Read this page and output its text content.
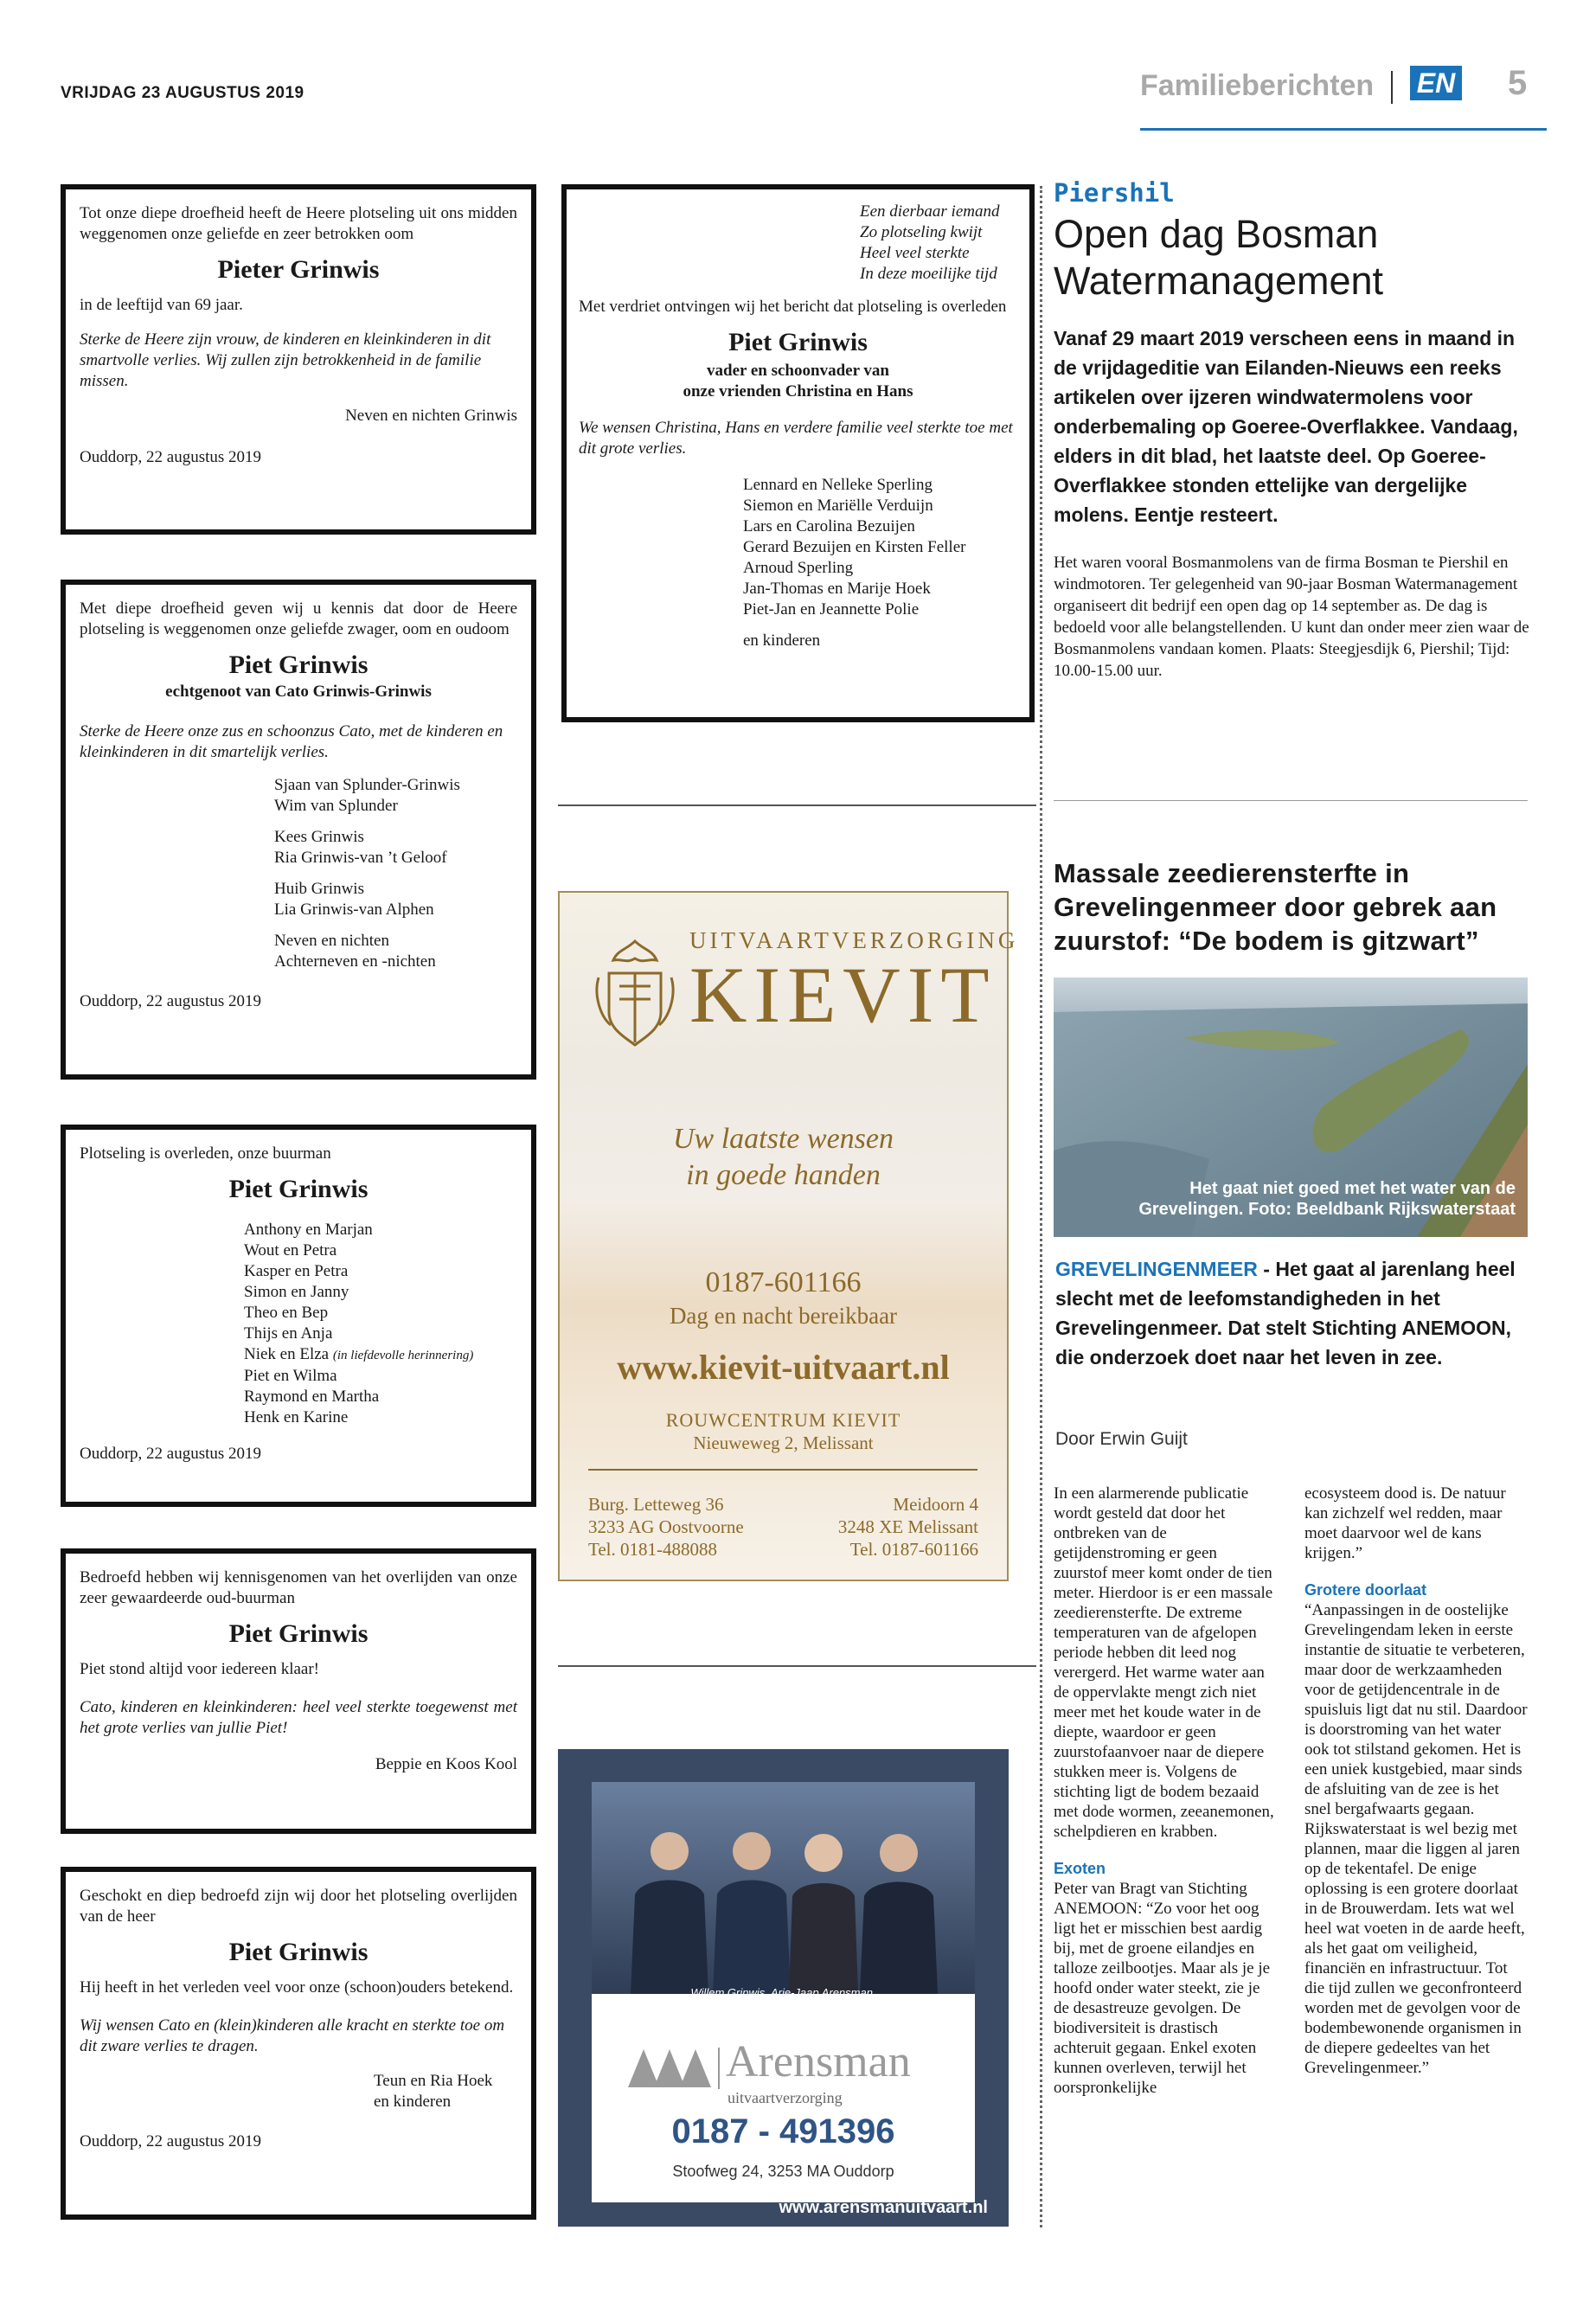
VRIJDAG 23 AUGUSTUS 2019	Familieberichten EN 5

Tot onze diepe droefheid heeft de Heere plotseling uit ons midden weggenomen onze geliefde en zeer betrokken oom

Pieter Grinwis

in de leeftijd van 69 jaar.

Sterke de Heere zijn vrouw, de kinderen en kleinkinderen in dit smartvolle verlies. Wij zullen zijn betrokkenheid in de familie missen.

Neven en nichten Grinwis

Ouddorp, 22 augustus 2019

Met diepe droefheid geven wij u kennis dat door de Heere plotseling is weggenomen onze geliefde zwager, oom en oudoom

Piet Grinwis
echtgenoot van Cato Grinwis-Grinwis

Sterke de Heere onze zus en schoonzus Cato, met de kinderen en kleinkinderen in dit smartelijk verlies.

Sjaan van Splunder-Grinwis
Wim van Splunder
Kees Grinwis
Ria Grinwis-van ’t Geloof
Huib Grinwis
Lia Grinwis-van Alphen
Neven en nichten
Achterneven en -nichten

Ouddorp, 22 augustus 2019

Plotseling is overleden, onze buurman

Piet Grinwis
Anthony en Marjan
Wout en Petra
Kasper en Petra
Simon en Janny
Theo en Bep
Thijs en Anja
Niek en Elza (in liefdevolle herinnering)
Piet en Wilma
Raymond en Martha
Henk en Karine

Ouddorp, 22 augustus 2019

Bedroefd hebben wij kennisgenomen van het overlijden van onze zeer gewaardeerde oud-buurman

Piet Grinwis

Piet stond altijd voor iedereen klaar!

Cato, kinderen en kleinkinderen: heel veel sterkte toegewenst met het grote verlies van jullie Piet!

Beppie en Koos Kool

Geschokt en diep bedroefd zijn wij door het plotseling overlijden van de heer

Piet Grinwis

Hij heeft in het verleden veel voor onze (schoon)ouders betekend.

Wij wensen Cato en (klein)kinderen alle kracht en sterkte toe om dit zware verlies te dragen.

Teun en Ria Hoek
en kinderen

Ouddorp, 22 augustus 2019

Een dierbaar iemand
Zo plotseling kwijt
Heel veel sterkte
In deze moeilijke tijd

Met verdriet ontvingen wij het bericht dat plotseling is overleden

Piet Grinwis
vader en schoonvader van
onze vrienden Christina en Hans

We wensen Christina, Hans en verdere familie veel sterkte toe met dit grote verlies.

Lennard en Nelleke Sperling
Siemon en Mariëlle Verduijn
Lars en Carolina Bezuijen
Gerard Bezuijen en Kirsten Feller
Arnoud Sperling
Jan-Thomas en Marije Hoek
Piet-Jan en Jeannette Polie
en kinderen
UITVAARTVERZORGING
KIEVIT
Uw laatste wensen
in goede handen
0187-601166
Dag en nacht bereikbaar
www.kievit-uitvaart.nl
ROUWCENTRUM KIEVIT
Nieuweweg 2, Melissant
Burg. Letteweg 36
3233 AG Oostvoorne
Tel. 0181-488088
Meidoorn 4
3248 XE Melissant
Tel. 0187-601166
Willem Grinwis, Arie-Jaap Arensman,
Linda Hollestelle-Oosterwijk & Leendert van der Werf
Arensman
uitvaartverzorging
0187 - 491396
Stoofweg 24, 3253 MA Ouddorp
www.arensmanuitvaart.nl
Piershil
Open dag Bosman Watermanagement

Vanaf 29 maart 2019 verscheen eens in maand in de vrijdageditie van Eilanden-Nieuws een reeks artikelen over ijzeren windwatermolens voor onderbemaling op Goeree-Overflakkee. Vandaag, elders in dit blad, het laatste deel. Op Goeree-Overflakkee stonden ettelijke van dergelijke molens. Eentje resteert.

Het waren vooral Bosmanmolens van de firma Bosman te Piershil en windmotoren. Ter gelegenheid van 90-jaar Bosman Watermanagement organiseert dit bedrijf een open dag op 14 september as. De dag is bedoeld voor alle belangstellenden. U kunt dan onder meer zien waar de Bosmanmolens vandaan komen. Plaats: Steegjesdijk 6, Piershil; Tijd: 10.00-15.00 uur.

Massale zeedierensterfte in Grevelingenmeer door gebrek aan zuurstof: “De bodem is gitzwart”
Het gaat niet goed met het water van de
Grevelingen. Foto: Beeldbank Rijkswaterstaat
GREVELINGENMEER - Het gaat al jarenlang heel slecht met de leefomstandigheden in het Grevelingenmeer. Dat stelt Stichting ANEMOON, die onderzoek doet naar het leven in zee.
Door Erwin Guijt
In een alarmerende publicatie wordt gesteld dat door het ontbreken van de getijdenstroming er geen zuurstof meer komt onder de tien meter. Hierdoor is er een massale zeedierensterfte. De extreme temperaturen van de afgelopen periode hebben dit leed nog verergerd. Het warme water aan de oppervlakte mengt zich niet meer met het koude water in de diepte, waardoor er geen zuurstofaanvoer naar de diepere stukken meer is. Volgens de stichting ligt de bodem bezaaid met dode wormen, zeeanemonen, schelpdieren en krabben.
Exoten
Peter van Bragt van Stichting ANEMOON: “Zo voor het oog ligt het er misschien best aardig bij, met de groene eilandjes en talloze zeilbootjes. Maar als je je hoofd onder water steekt, zie je de desastreuze gevolgen. De biodiversiteit is drastisch achteruit gegaan. Enkel exoten kunnen overleven, terwijl het oorspronkelijke
ecosysteem dood is. De natuur kan zichzelf wel redden, maar moet daarvoor wel de kans krijgen.”
Grotere doorlaat
“Aanpassingen in de oostelijke Grevelingendam leken in eerste instantie de situatie te verbeteren, maar door de werkzaamheden voor de getijdencentrale in de spuisluis ligt dat nu stil. Daardoor is doorstroming van het water ook tot stilstand gekomen. Het is een uniek kustgebied, maar sinds de afsluiting van de zee is het snel bergafwaarts gegaan. Rijkswaterstaat is wel bezig met plannen, maar die liggen al jaren op de tekentafel. De enige oplossing is een grotere doorlaat in de Brouwerdam. Iets wat wel heel wat voeten in de aarde heeft, als het gaat om veiligheid, financiën en infrastructuur. Tot die tijd zullen we geconfronteerd worden met de gevolgen voor de bodembewonende organismen in de diepere gedeeltes van het Grevelingenmeer.”
